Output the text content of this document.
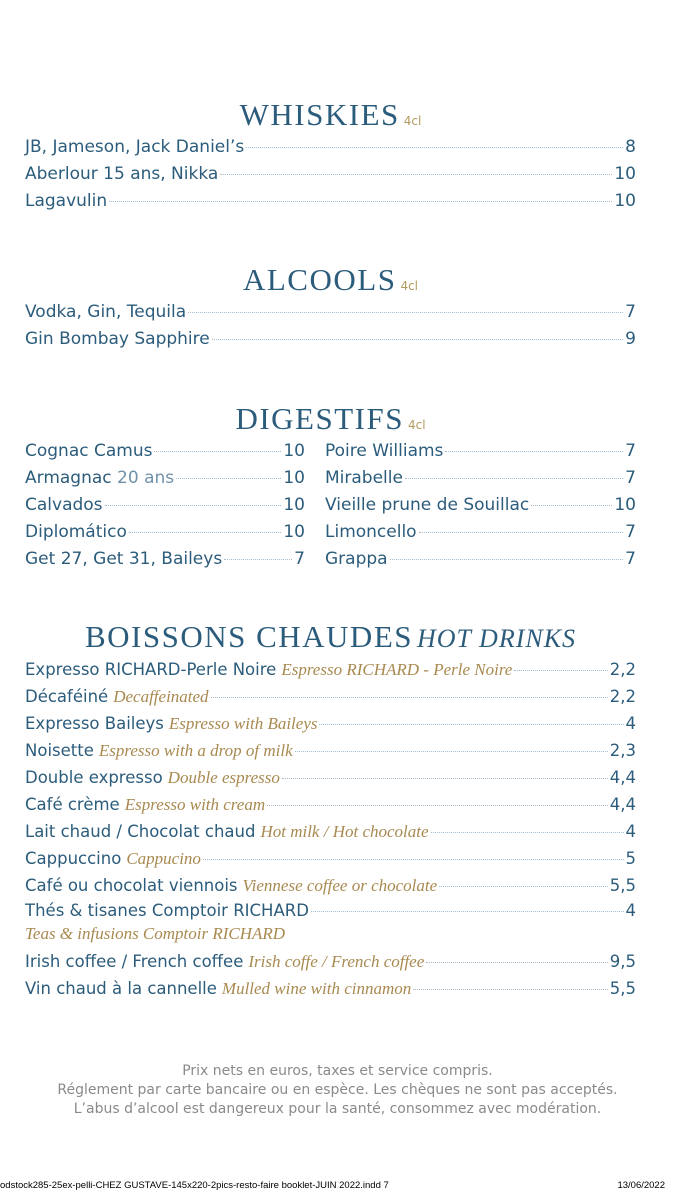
WHISKIES 4cl
JB, Jameson, Jack Daniel’s	8
Aberlour 15 ans, Nikka	10
Lagavulin	10
ALCOOLS 4cl
Vodka, Gin, Tequila	7
Gin Bombay Sapphire	9
DIGESTIFS 4cl
Cognac Camus	10
Armagnac 20 ans	10
Calvados	10
Diplomático	10
Get 27, Get 31, Baileys	7
Poire Williams	7
Mirabelle	7
Vieille prune de Souillac	10
Limoncello	7
Grappa	7
BOISSONS CHAUDES HOT DRINKS
Expresso RICHARD-Perle Noire Espresso RICHARD - Perle Noire	2,2
Décaféiné Decaffeinated	2,2
Expresso Baileys Espresso with Baileys	4
Noisette Espresso with a drop of milk	2,3
Double expresso Double espresso	4,4
Café crème Espresso with cream	4,4
Lait chaud / Chocolat chaud Hot milk / Hot chocolate	4
Cappuccino Cappucino	5
Café ou chocolat viennois Viennese coffee or chocolate	5,5
Thés & tisanes Comptoir RICHARD	4
Teas & infusions Comptoir RICHARD
Irish coffee / French coffee Irish coffe / French coffee	9,5
Vin chaud à la cannelle Mulled wine with cinnamon	5,5
Prix nets en euros, taxes et service compris.
Réglement par carte bancaire ou en espèce. Les chèques ne sont pas acceptés.
L’abus d’alcool est dangereux pour la santé, consommez avec modération.
odstock285-25ex-pelli-CHEZ GUSTAVE-145x220-2pics-resto-faire booklet-JUIN 2022.indd 7	13/06/2022
